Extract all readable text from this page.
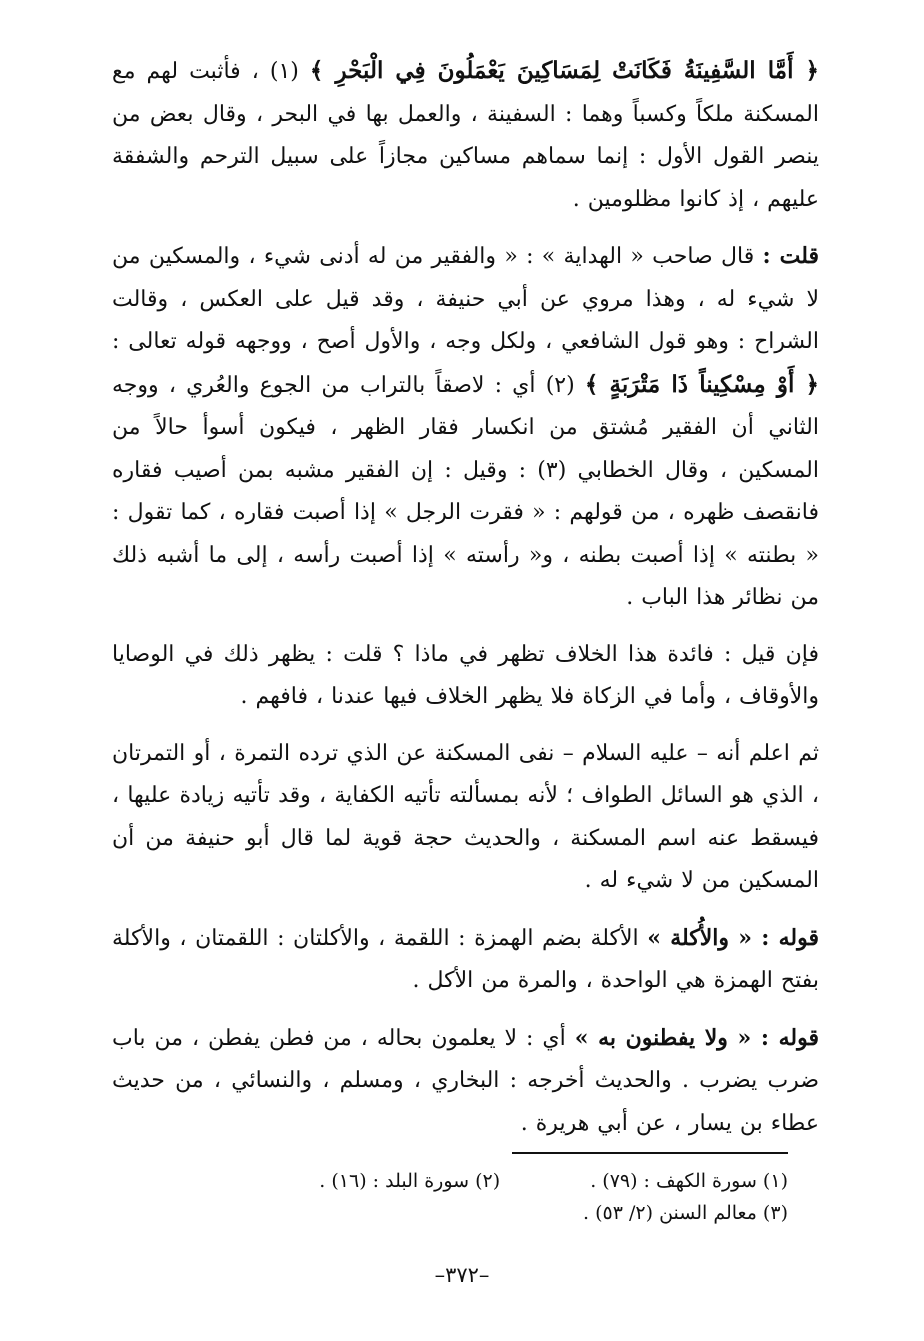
﴿ أَمَّا السَّفِينَةُ فَكَانَتْ لِمَسَاكِينَ يَعْمَلُونَ فِي الْبَحْرِ ﴾ (١) ، فأثبت لهم مع المسكنة ملكاً وكسباً وهما : السفينة ، والعمل بها في البحر ، وقال بعض من ينصر القول الأول : إنما سماهم مساكين مجازاً على سبيل الترحم والشفقة عليهم ، إذ كانوا مظلومين .

قلت : قال صاحب « الهداية » : « والفقير من له أدنى شيء ، والمسكين من لا شيء له ، وهذا مروي عن أبي حنيفة ، وقد قيل على العكس ، وقالت الشراح : وهو قول الشافعي ، ولكل وجه ، والأول أصح ، ووجهه قوله تعالى : ﴿ أَوْ مِسْكِيناً ذَا مَتْرَبَةٍ ﴾ (٢) أي : لاصقاً بالتراب من الجوع والعُري ، ووجه الثاني أن الفقير مُشتق من انكسار فقار الظهر ، فيكون أسوأ حالاً من المسكين ، وقال الخطابي (٣) : وقيل : إن الفقير مشبه بمن أصيب فقاره فانقصف ظهره ، من قولهم : « فقرت الرجل » إذا أصبت فقاره ، كما تقول : « بطنته » إذا أصبت بطنه ، و« رأسته » إذا أصبت رأسه ، إلى ما أشبه ذلك من نظائر هذا الباب .

فإن قيل : فائدة هذا الخلاف تظهر في ماذا ؟ قلت : يظهر ذلك في الوصايا والأوقاف ، وأما في الزكاة فلا يظهر الخلاف فيها عندنا ، فافهم .

ثم اعلم أنه – عليه السلام – نفى المسكنة عن الذي ترده التمرة ، أو التمرتان ، الذي هو السائل الطواف ؛ لأنه بمسألته تأتيه الكفاية ، وقد تأتيه زيادة عليها ، فيسقط عنه اسم المسكنة ، والحديث حجة قوية لما قال أبو حنيفة من أن المسكين من لا شيء له .

قوله : « والأُكلة » الأكلة بضم الهمزة : اللقمة ، والأكلتان : اللقمتان ، والأكلة بفتح الهمزة هي الواحدة ، والمرة من الأكل .

قوله : « ولا يفطنون به » أي : لا يعلمون بحاله ، من فطن يفطن ، من باب ضرب يضرب . والحديث أخرجه : البخاري ، ومسلم ، والنسائي ، من حديث عطاء بن يسار ، عن أبي هريرة .

(١) سورة الكهف : (٧٩) .
(٢) سورة البلد : (١٦) .
(٣) معالم السنن (٢/ ٥٣) .
–٣٧٢–
